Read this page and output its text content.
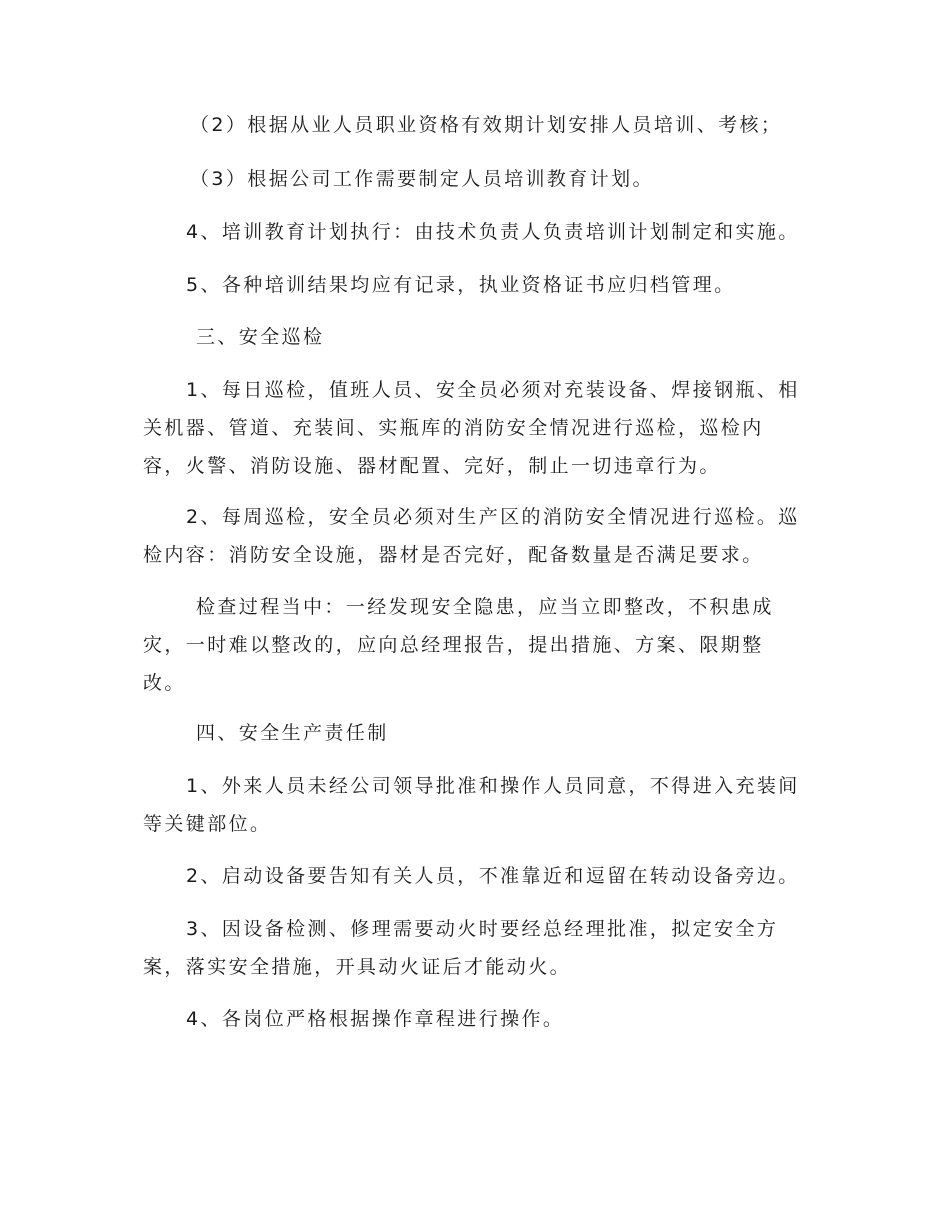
（2）根据从业人员职业资格有效期计划安排人员培训、考核；

（3）根据公司工作需要制定人员培训教育计划。

4、培训教育计划执行：由技术负责人负责培训计划制定和实施。

5、各种培训结果均应有记录，执业资格证书应归档管理。

三、安全巡检

1、每日巡检，值班人员、安全员必须对充装设备、焊接钢瓶、相
关机器、管道、充装间、实瓶库的消防安全情况进行巡检，巡检内
容，火警、消防设施、器材配置、完好，制止一切违章行为。

2、每周巡检，安全员必须对生产区的消防安全情况进行巡检。巡
检内容：消防安全设施，器材是否完好，配备数量是否满足要求。

检查过程当中：一经发现安全隐患，应当立即整改，不积患成
灾，一时难以整改的，应向总经理报告，提出措施、方案、限期整
改。

四、安全生产责任制

1、外来人员未经公司领导批准和操作人员同意，不得进入充装间
等关键部位。

2、启动设备要告知有关人员，不准靠近和逗留在转动设备旁边。

3、因设备检测、修理需要动火时要经总经理批准，拟定安全方
案，落实安全措施，开具动火证后才能动火。

4、各岗位严格根据操作章程进行操作。
